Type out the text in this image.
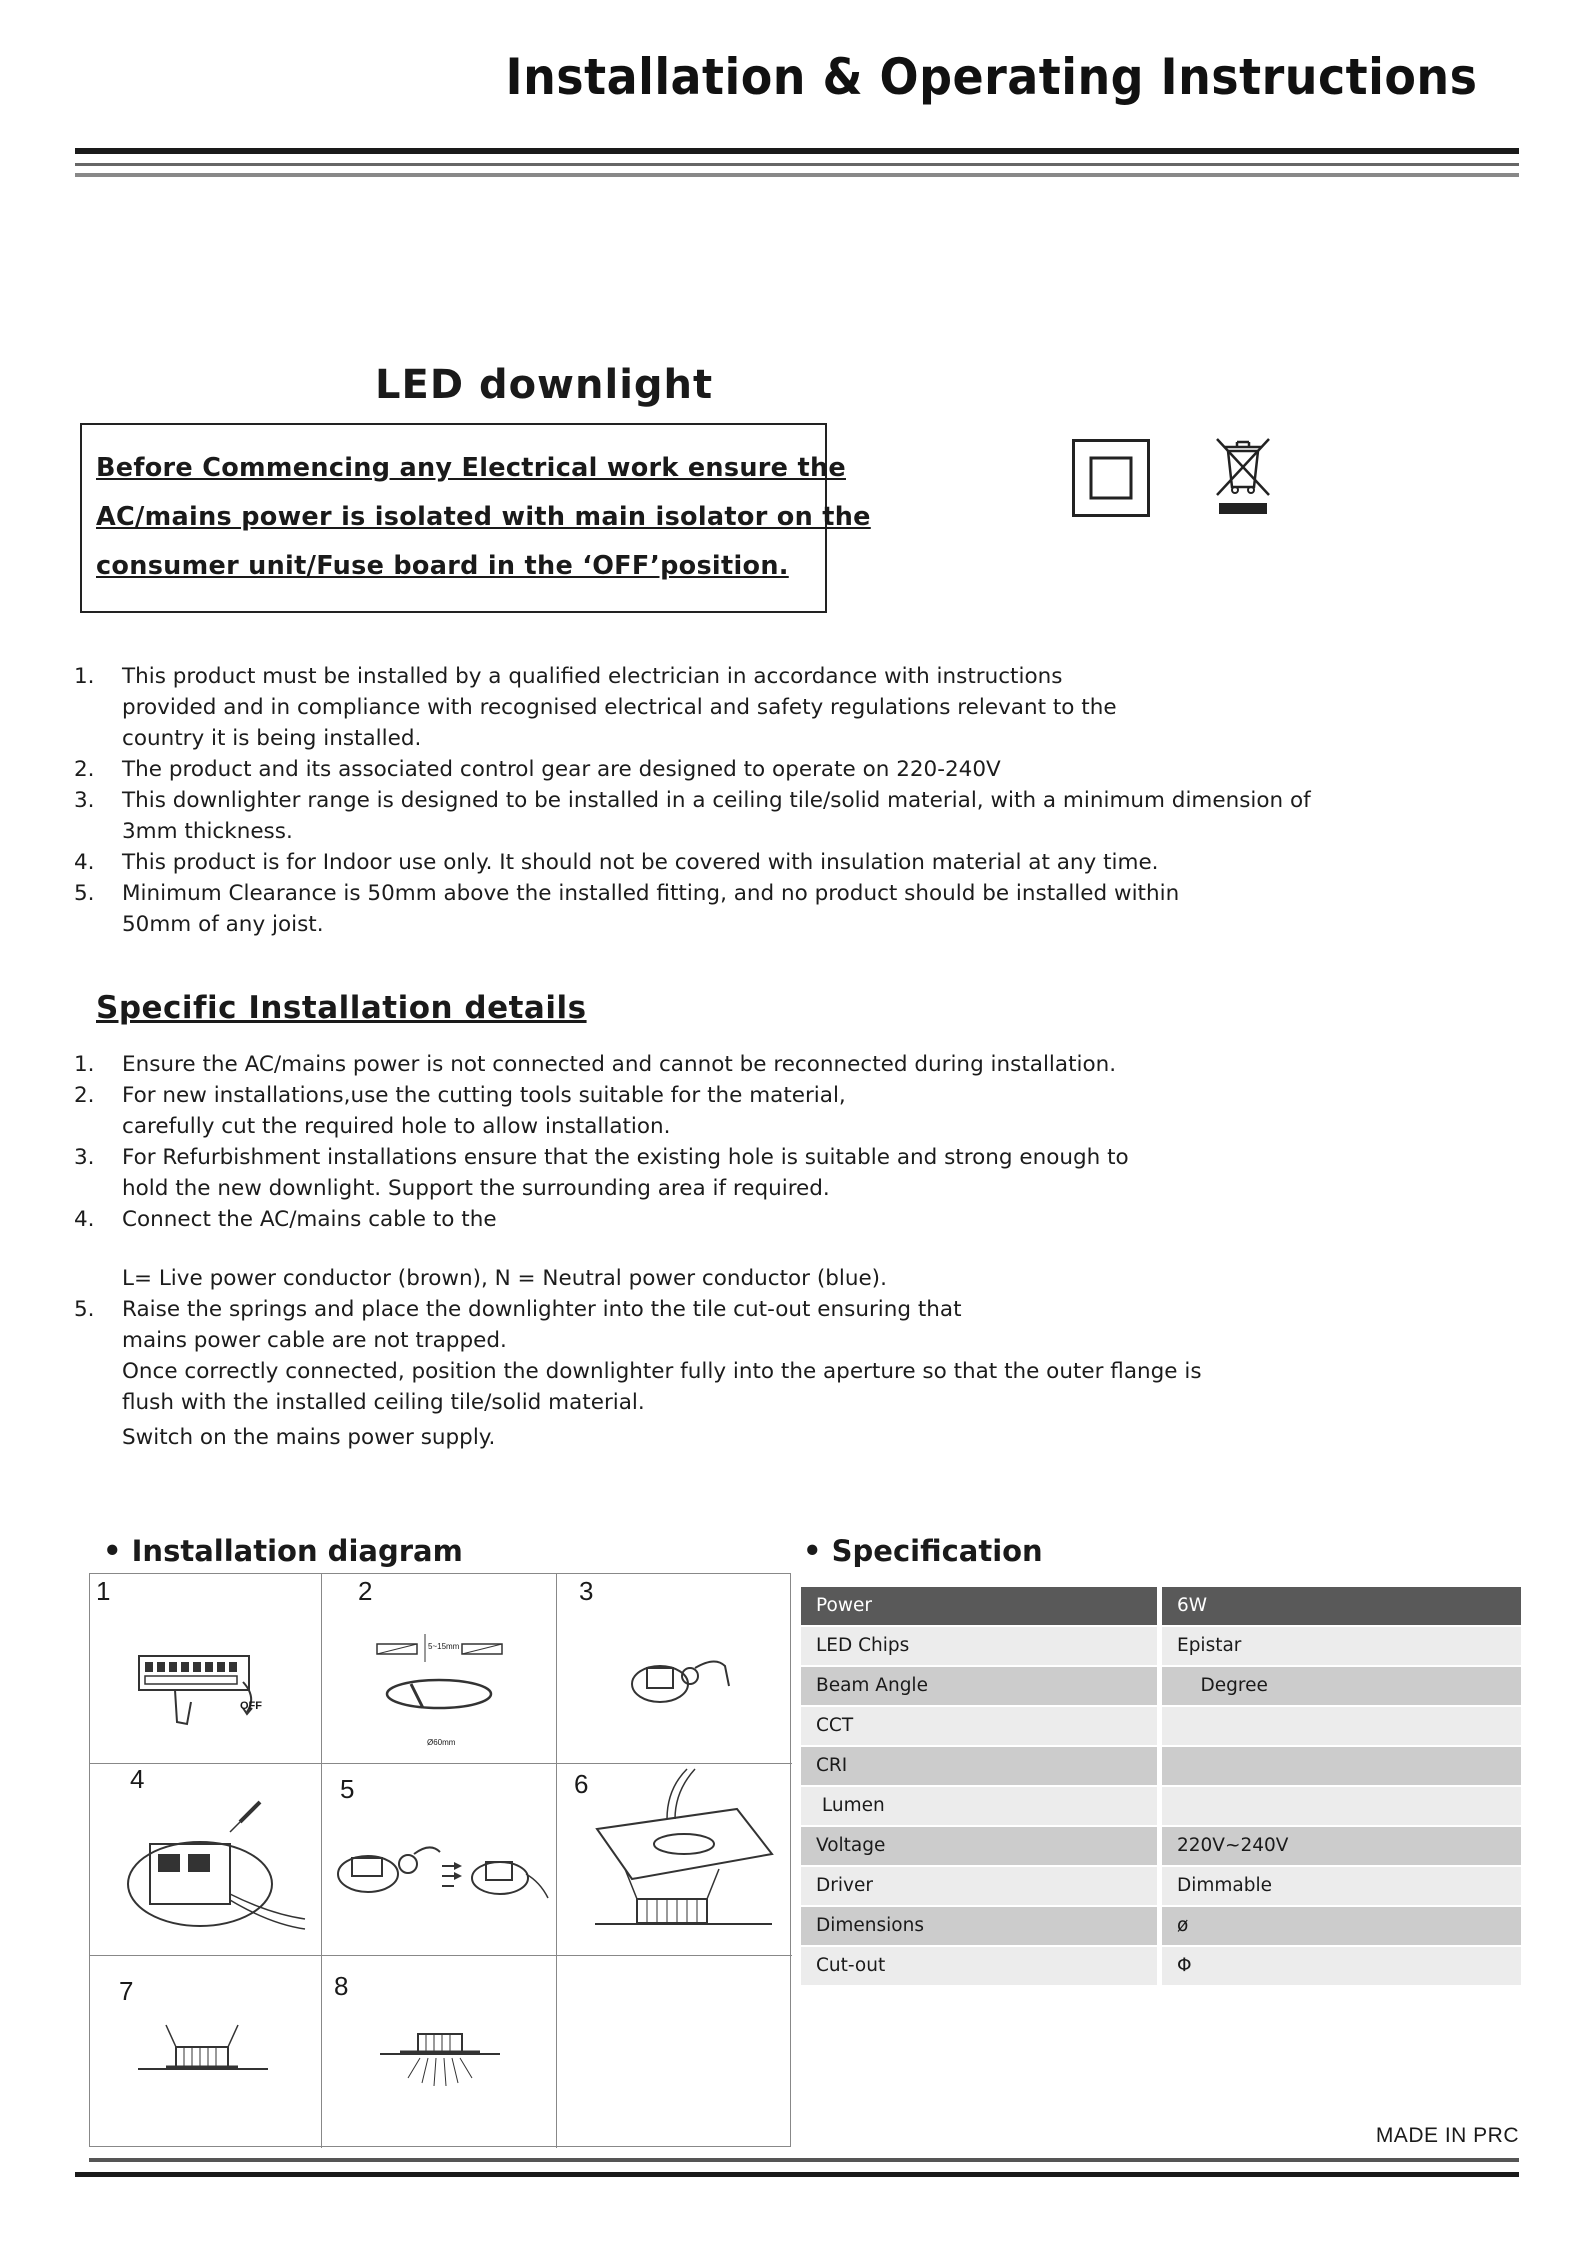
Installation & Operating Instructions
LED downlight

Before Commencing any Electrical work ensure the

AC/mains power is isolated with main isolator on the

consumer unit/Fuse board in the ‘OFF’position.

1. This product must be installed by a qualified electrician in accordance with instructions
provided and in compliance with recognised electrical and safety regulations relevant to the
country it is being installed.
2. The product and its associated control gear are designed to operate on 220-240V
3. This downlighter range is designed to be installed in a ceiling tile/solid material, with a minimum dimension of
3mm thickness.
4. This product is for Indoor use only. It should not be covered with insulation material at any time.
5. Minimum Clearance is 50mm above the installed fitting, and no product should be installed within
50mm of any joist.
Specific Installation details
1. Ensure the AC/mains power is not connected and cannot be reconnected during installation.
2. For new installations,use the cutting tools suitable for the material,
carefully cut the required hole to allow installation.
3. For Refurbishment installations ensure that the existing hole is suitable and strong enough to
hold the new downlight. Support the surrounding area if required.
4. Connect the AC/mains cable to the
L= Live power conductor (brown), N = Neutral power conductor (blue).
5. Raise the springs and place the downlighter into the tile cut-out ensuring that
mains power cable are not trapped.
Once correctly connected, position the downlighter fully into the aperture so that the outer flange is
flush with the installed ceiling tile/solid material.
Switch on the mains power supply.
• Installation diagram	• Specification
1
OFF
2
5~15mm
Ø60mm
3
4	5	6
7	8
Power	6W
LED Chips	Epistar
Beam Angle	Degree
CCT
CRI
Lumen
Voltage	220V~240V
Driver	Dimmable
Dimensions	ø
Cut-out	Φ
MADE IN PRC
